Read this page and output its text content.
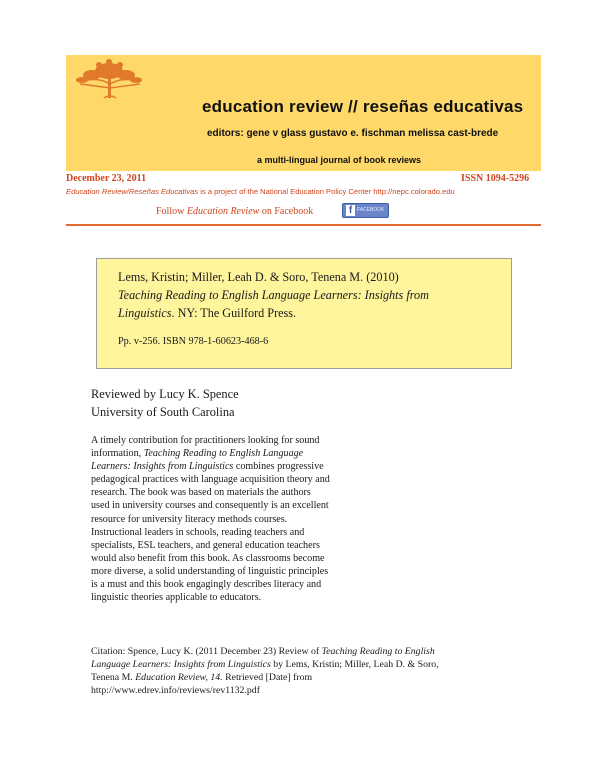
education review // reseñas educativas
editors: gene v glass gustavo e. fischman melissa cast-brede
a multi-lingual journal of book reviews
December 23, 2011	ISSN 1094-5296
Education Review/Reseñas Educativas is a project of the National Education Policy Center http://nepc.colorado.edu
Follow Education Review on Facebook	f FACEBOOK
Lems, Kristin; Miller, Leah D. & Soro, Tenena M. (2010)
Teaching Reading to English Language Learners: Insights from
Linguistics. NY: The Guilford Press.
Pp. v-256. ISBN 978-1-60623-468-6
Reviewed by Lucy K. Spence
University of South Carolina
A timely contribution for practitioners looking for sound
information, Teaching Reading to English Language
Learners: Insights from Linguistics combines progressive
pedagogical practices with language acquisition theory and
research. The book was based on materials the authors
used in university courses and consequently is an excellent
resource for university literacy methods courses.
Instructional leaders in schools, reading teachers and
specialists, ESL teachers, and general education teachers
would also benefit from this book. As classrooms become
more diverse, a solid understanding of linguistic principles
is a must and this book engagingly describes literacy and
linguistic theories applicable to educators.
Citation: Spence, Lucy K. (2011 December 23) Review of Teaching Reading to English
Language Learners: Insights from Linguistics by Lems, Kristin; Miller, Leah D. & Soro,
Tenena M. Education Review, 14. Retrieved [Date] from
http://www.edrev.info/reviews/rev1132.pdf
